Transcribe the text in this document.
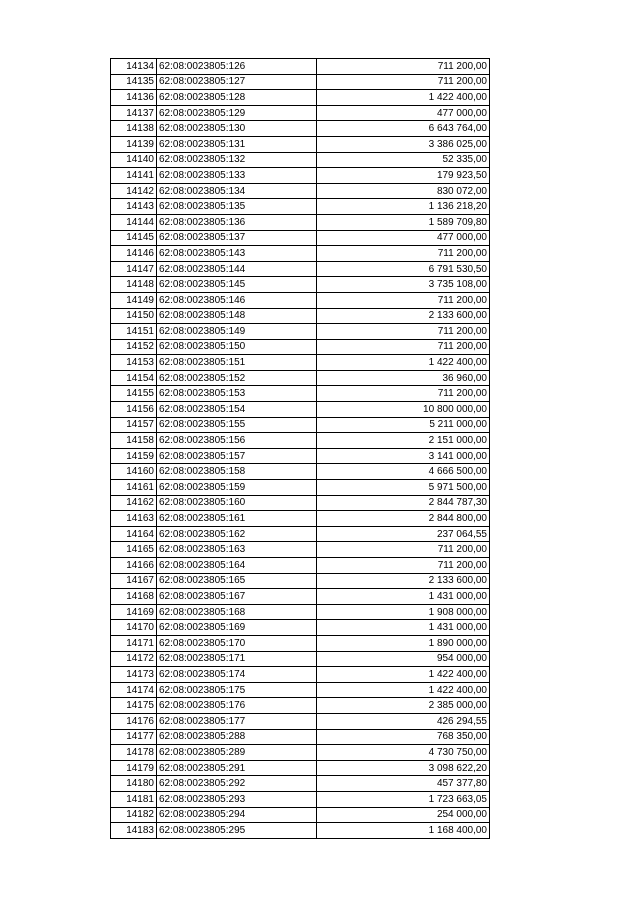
14134	62:08:0023805:126	711 200,00
14135	62:08:0023805:127	711 200,00
14136	62:08:0023805:128	1 422 400,00
14137	62:08:0023805:129	477 000,00
14138	62:08:0023805:130	6 643 764,00
14139	62:08:0023805:131	3 386 025,00
14140	62:08:0023805:132	52 335,00
14141	62:08:0023805:133	179 923,50
14142	62:08:0023805:134	830 072,00
14143	62:08:0023805:135	1 136 218,20
14144	62:08:0023805:136	1 589 709,80
14145	62:08:0023805:137	477 000,00
14146	62:08:0023805:143	711 200,00
14147	62:08:0023805:144	6 791 530,50
14148	62:08:0023805:145	3 735 108,00
14149	62:08:0023805:146	711 200,00
14150	62:08:0023805:148	2 133 600,00
14151	62:08:0023805:149	711 200,00
14152	62:08:0023805:150	711 200,00
14153	62:08:0023805:151	1 422 400,00
14154	62:08:0023805:152	36 960,00
14155	62:08:0023805:153	711 200,00
14156	62:08:0023805:154	10 800 000,00
14157	62:08:0023805:155	5 211 000,00
14158	62:08:0023805:156	2 151 000,00
14159	62:08:0023805:157	3 141 000,00
14160	62:08:0023805:158	4 666 500,00
14161	62:08:0023805:159	5 971 500,00
14162	62:08:0023805:160	2 844 787,30
14163	62:08:0023805:161	2 844 800,00
14164	62:08:0023805:162	237 064,55
14165	62:08:0023805:163	711 200,00
14166	62:08:0023805:164	711 200,00
14167	62:08:0023805:165	2 133 600,00
14168	62:08:0023805:167	1 431 000,00
14169	62:08:0023805:168	1 908 000,00
14170	62:08:0023805:169	1 431 000,00
14171	62:08:0023805:170	1 890 000,00
14172	62:08:0023805:171	954 000,00
14173	62:08:0023805:174	1 422 400,00
14174	62:08:0023805:175	1 422 400,00
14175	62:08:0023805:176	2 385 000,00
14176	62:08:0023805:177	426 294,55
14177	62:08:0023805:288	768 350,00
14178	62:08:0023805:289	4 730 750,00
14179	62:08:0023805:291	3 098 622,20
14180	62:08:0023805:292	457 377,80
14181	62:08:0023805:293	1 723 663,05
14182	62:08:0023805:294	254 000,00
14183	62:08:0023805:295	1 168 400,00
